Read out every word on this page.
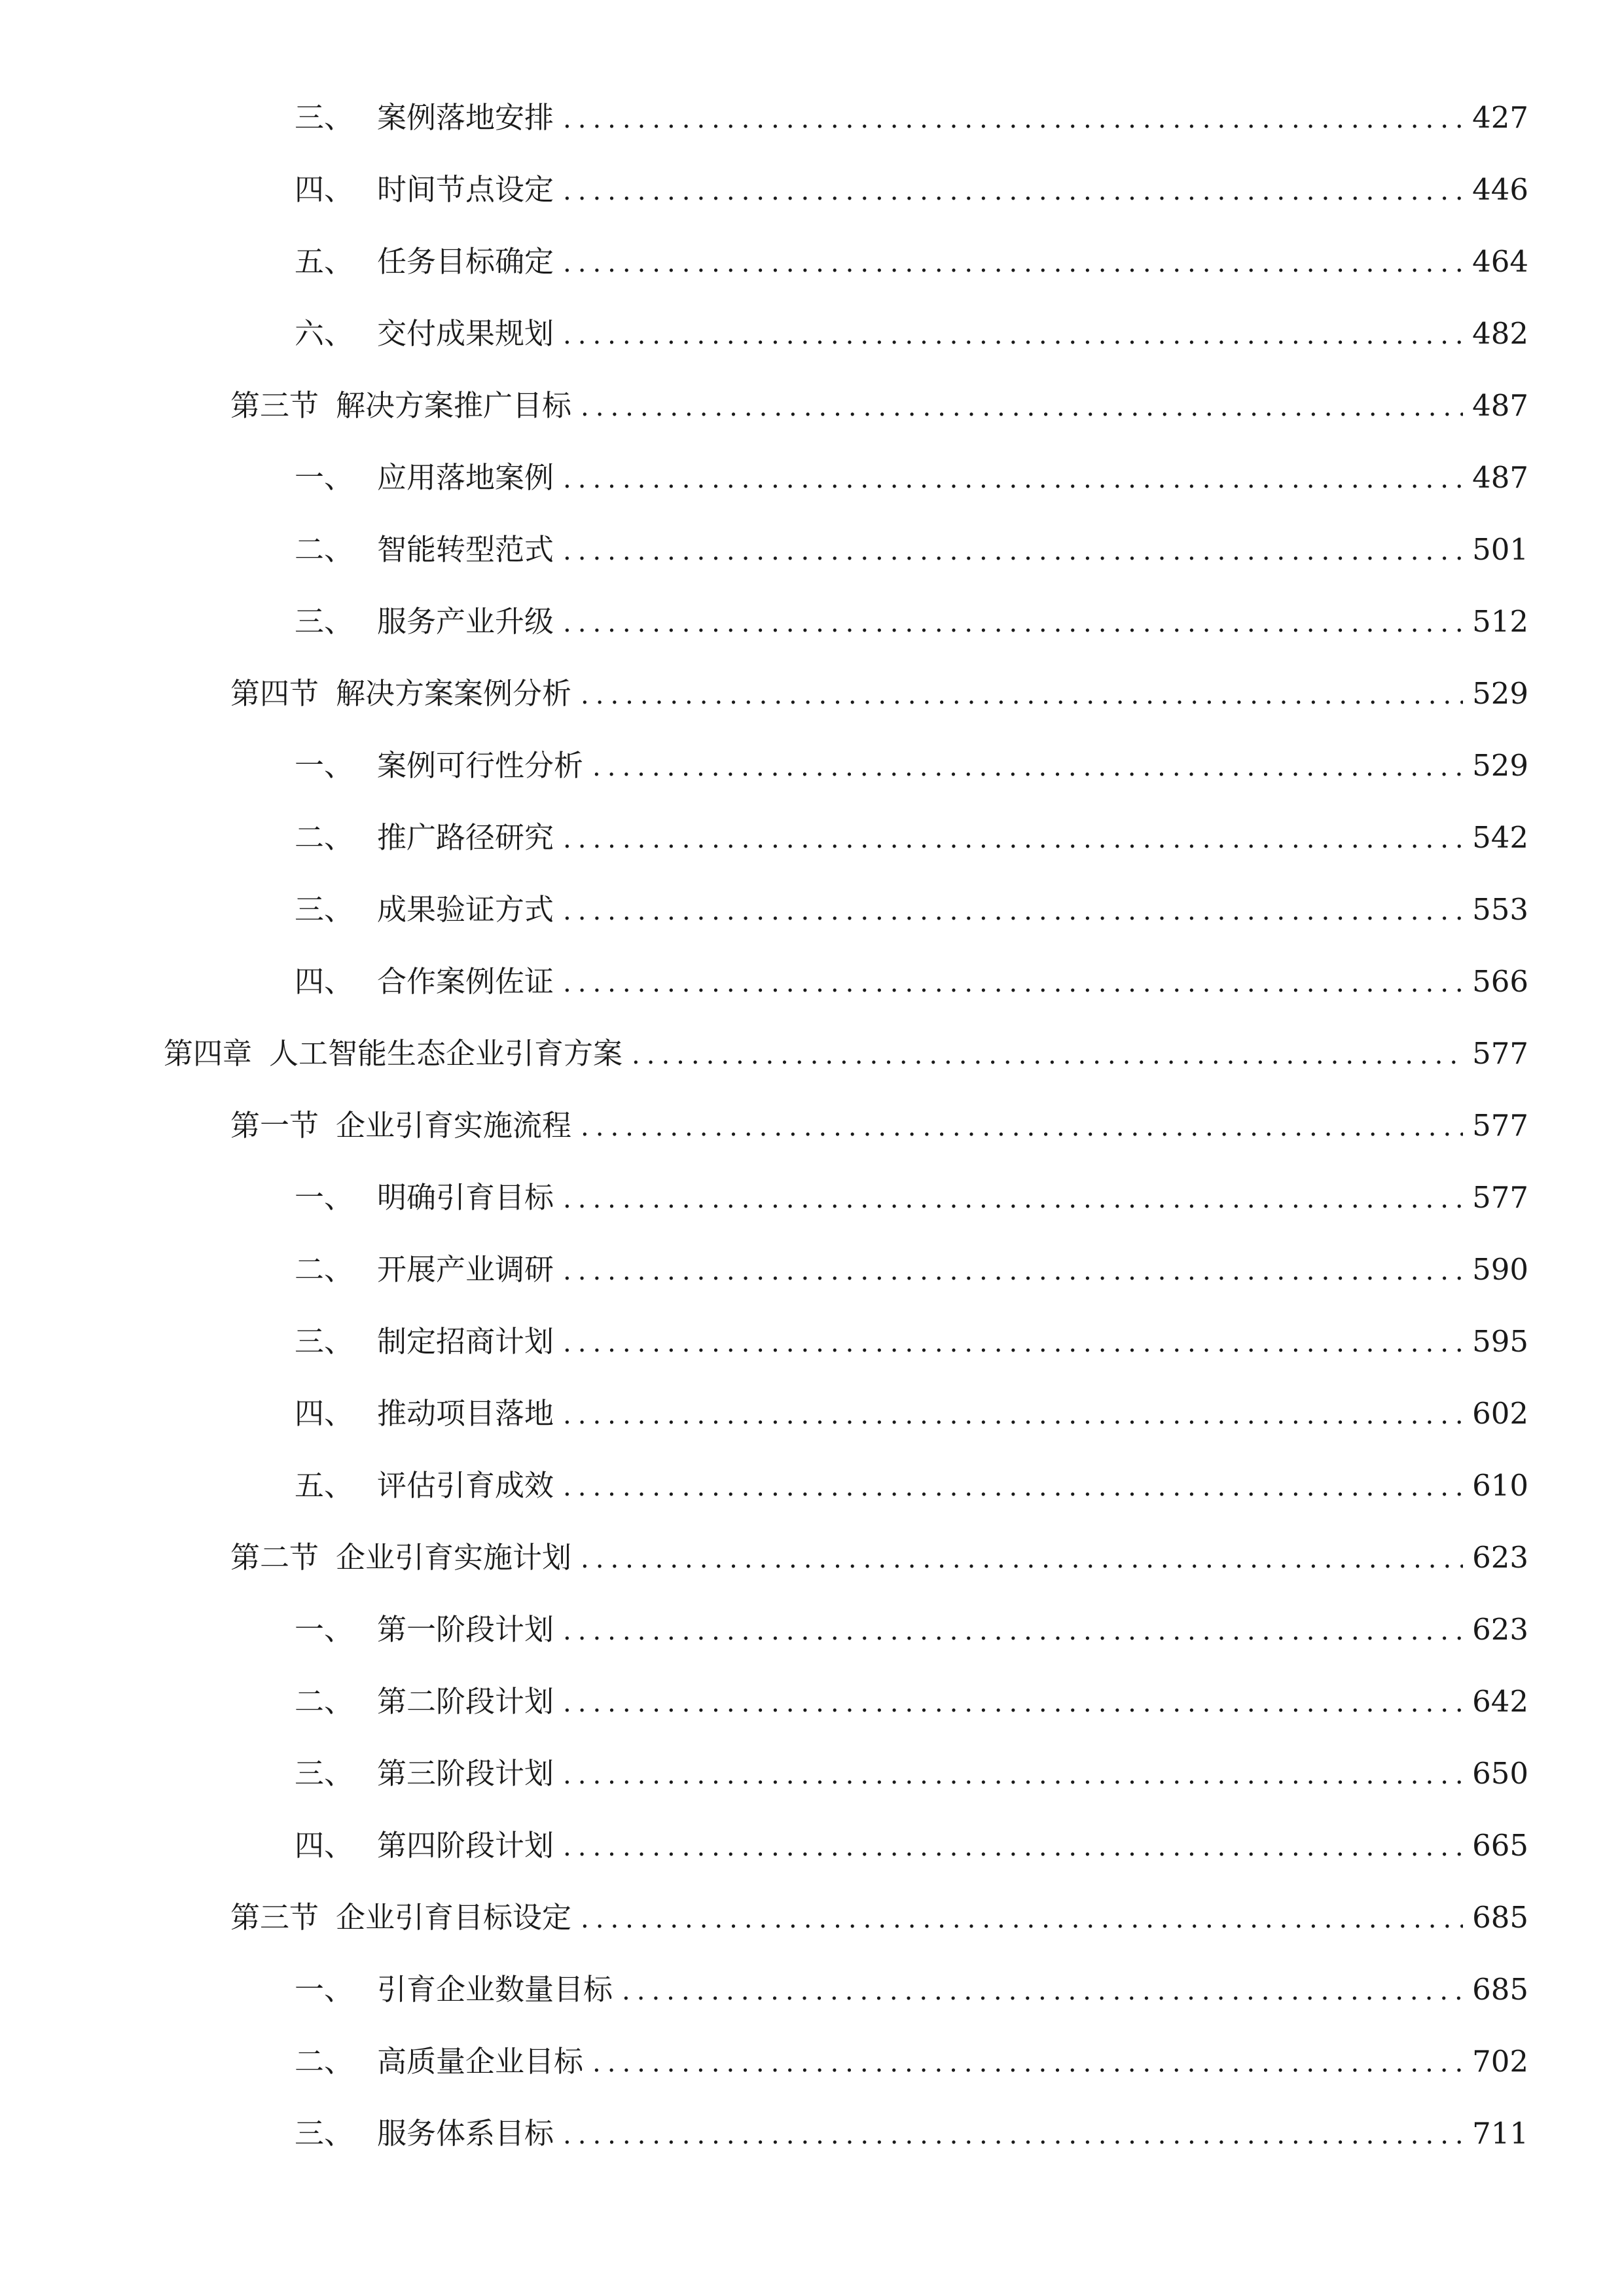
三、 案例落地安排 .....	427
四、 时间节点设定 .....	446
五、 任务目标确定 .....	464
六、 交付成果规划 .....	482
第三节 解决方案推广目标 .....	487
一、 应用落地案例 .....	487
二、 智能转型范式 .....	501
三、 服务产业升级 .....	512
第四节 解决方案案例分析 .....	529
一、 案例可行性分析 .....	529
二、 推广路径研究 .....	542
三、 成果验证方式 .....	553
四、 合作案例佐证 .....	566
第四章 人工智能生态企业引育方案 .....	577
第一节 企业引育实施流程 .....	577
一、 明确引育目标 .....	577
二、 开展产业调研 .....	590
三、 制定招商计划 .....	595
四、 推动项目落地 .....	602
五、 评估引育成效 .....	610
第二节 企业引育实施计划 .....	623
一、 第一阶段计划 .....	623
二、 第二阶段计划 .....	642
三、 第三阶段计划 .....	650
四、 第四阶段计划 .....	665
第三节 企业引育目标设定 .....	685
一、 引育企业数量目标 .....	685
二、 高质量企业目标 .....	702
三、 服务体系目标 .....	711
